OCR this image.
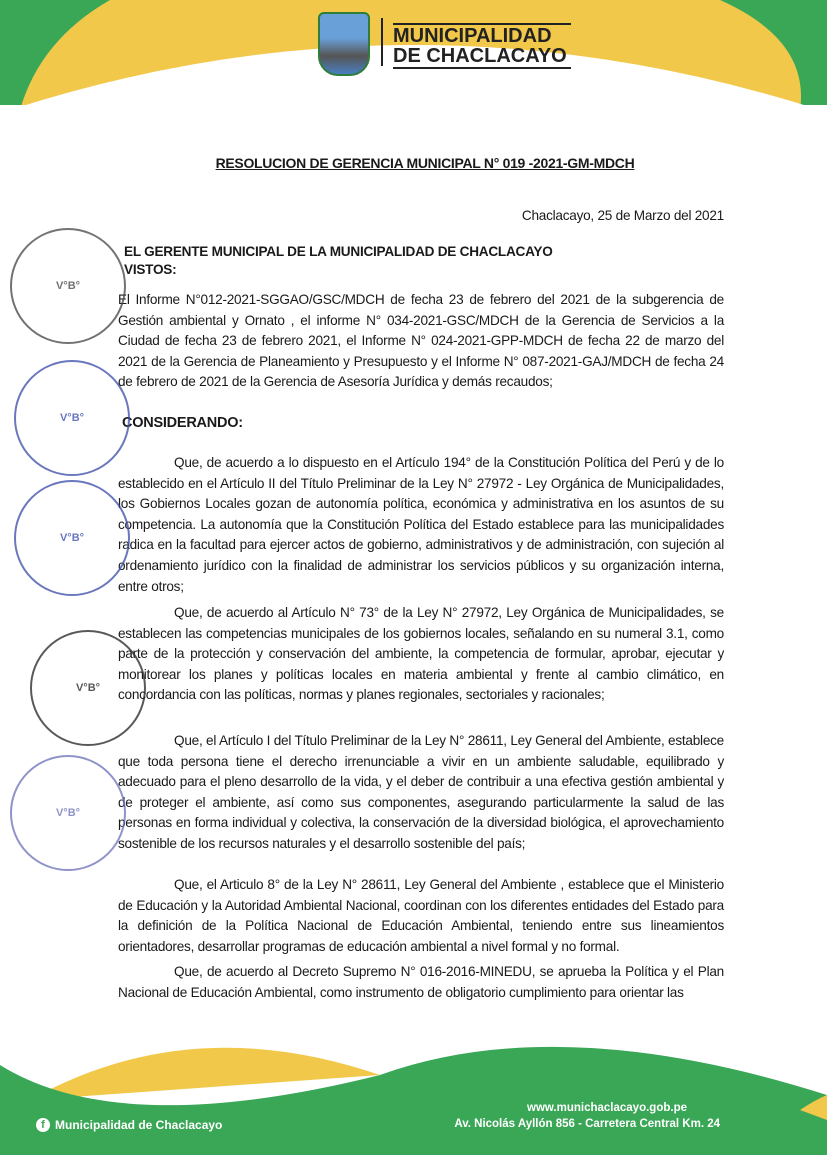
MUNICIPALIDAD
DE CHACLACAYO
RESOLUCION DE GERENCIA MUNICIPAL N° 019 -2021-GM-MDCH
Chaclacayo, 25 de Marzo del 2021
EL GERENTE MUNICIPAL DE LA MUNICIPALIDAD DE CHACLACAYO
VISTOS:
El Informe N°012-2021-SGGAO/GSC/MDCH de fecha 23 de febrero del 2021 de la subgerencia de Gestión ambiental y Ornato , el informe N° 034-2021-GSC/MDCH de la Gerencia de Servicios a la Ciudad de fecha 23 de febrero 2021, el Informe N° 024-2021-GPP-MDCH de fecha 22 de marzo del 2021 de la Gerencia de Planeamiento y Presupuesto y el Informe N° 087-2021-GAJ/MDCH de fecha 24 de febrero de 2021 de la Gerencia de Asesoría Jurídica y demás recaudos;
CONSIDERANDO:
Que, de acuerdo a lo dispuesto en el Artículo 194° de la Constitución Política del Perú y de lo establecido en el Artículo II del Título Preliminar de la Ley N° 27972 - Ley Orgánica de Municipalidades, los Gobiernos Locales gozan de autonomía política, económica y administrativa en los asuntos de su competencia. La autonomía que la Constitución Política del Estado establece para las municipalidades radica en la facultad para ejercer actos de gobierno, administrativos y de administración, con sujeción al ordenamiento jurídico con la finalidad de administrar los servicios públicos y su organización interna, entre otros;
Que, de acuerdo al Artículo N° 73° de la Ley N° 27972, Ley Orgánica de Municipalidades, se establecen las competencias municipales de los gobiernos locales, señalando en su numeral 3.1, como parte de la protección y conservación del ambiente, la competencia de formular, aprobar, ejecutar y monitorear los planes y políticas locales en materia ambiental y frente al cambio climático, en concordancia con las políticas, normas y planes regionales, sectoriales y racionales;
Que, el Artículo I del Título Preliminar de la Ley N° 28611, Ley General del Ambiente, establece que toda persona tiene el derecho irrenunciable a vivir en un ambiente saludable, equilibrado y adecuado para el pleno desarrollo de la vida, y el deber de contribuir a una efectiva gestión ambiental y de proteger el ambiente, así como sus componentes, asegurando particularmente la salud de las personas en forma individual y colectiva, la conservación de la diversidad biológica, el aprovechamiento sostenible de los recursos naturales y el desarrollo sostenible del país;
Que, el Articulo 8° de la Ley N° 28611, Ley General del Ambiente , establece que el Ministerio de Educación y la Autoridad Ambiental Nacional, coordinan con los diferentes entidades del Estado para la definición de la Política Nacional de Educación Ambiental, teniendo entre sus lineamientos orientadores, desarrollar programas de educación ambiental a nivel formal y no formal.
Que, de acuerdo al Decreto Supremo N° 016-2016-MINEDU, se aprueba la Política y el Plan Nacional de Educación Ambiental, como instrumento de obligatorio cumplimiento para orientar las
V°B°
V°B°
V°B°
V°B°
V°B°
f Municipalidad de Chaclacayo
www.munichaclacayo.gob.pe
Av. Nicolás Ayllón 856 - Carretera Central Km. 24
